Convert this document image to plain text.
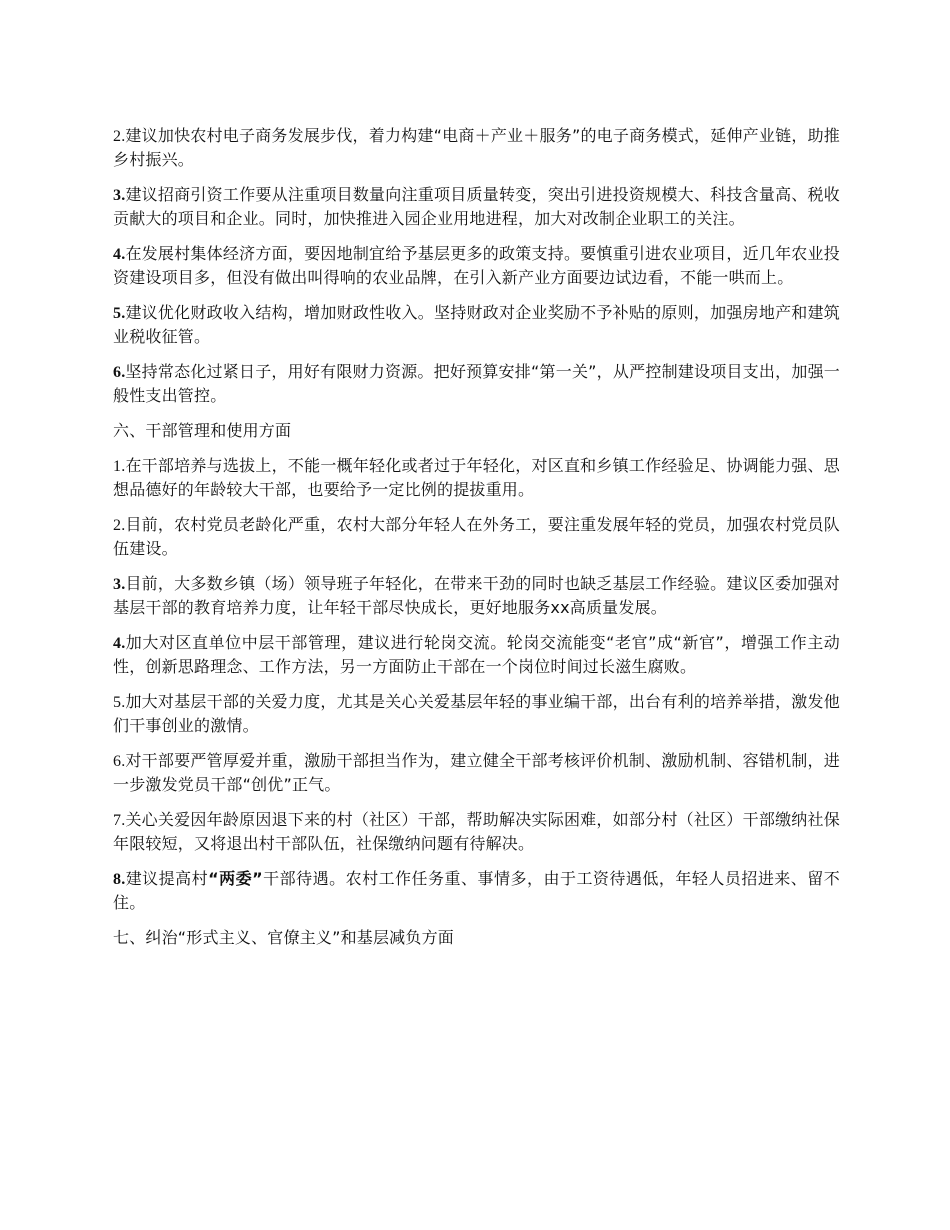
2.建议加快农村电子商务发展步伐，着力构建“电商＋产业＋服务”的电子商务模式，延伸产业链，助推乡村振兴。

3.建议招商引资工作要从注重项目数量向注重项目质量转变，突出引进投资规模大、科技含量高、税收贡献大的项目和企业。同时，加快推进入园企业用地进程，加大对改制企业职工的关注。

4.在发展村集体经济方面，要因地制宜给予基层更多的政策支持。要慎重引进农业项目，近几年农业投资建设项目多，但没有做出叫得响的农业品牌，在引入新产业方面要边试边看，不能一哄而上。

5.建议优化财政收入结构，增加财政性收入。坚持财政对企业奖励不予补贴的原则，加强房地产和建筑业税收征管。

6.坚持常态化过紧日子，用好有限财力资源。把好预算安排“第一关”，从严控制建设项目支出，加强一般性支出管控。

六、干部管理和使用方面

1.在干部培养与选拔上，不能一概年轻化或者过于年轻化，对区直和乡镇工作经验足、协调能力强、思想品德好的年龄较大干部，也要给予一定比例的提拔重用。

2.目前，农村党员老龄化严重，农村大部分年轻人在外务工，要注重发展年轻的党员，加强农村党员队伍建设。

3.目前，大多数乡镇（场）领导班子年轻化，在带来干劲的同时也缺乏基层工作经验。建议区委加强对基层干部的教育培养力度，让年轻干部尽快成长，更好地服务xx高质量发展。

4.加大对区直单位中层干部管理，建议进行轮岗交流。轮岗交流能变“老官”成“新官”，增强工作主动性，创新思路理念、工作方法，另一方面防止干部在一个岗位时间过长滋生腐败。

5.加大对基层干部的关爱力度，尤其是关心关爱基层年轻的事业编干部，出台有利的培养举措，激发他们干事创业的激情。

6.对干部要严管厚爱并重，激励干部担当作为，建立健全干部考核评价机制、激励机制、容错机制，进一步激发党员干部“创优”正气。

7.关心关爱因年龄原因退下来的村（社区）干部，帮助解决实际困难，如部分村（社区）干部缴纳社保年限较短，又将退出村干部队伍，社保缴纳问题有待解决。

8.建议提高村“两委”干部待遇。农村工作任务重、事情多，由于工资待遇低，年轻人员招进来、留不住。

七、纠治“形式主义、官僚主义”和基层减负方面
